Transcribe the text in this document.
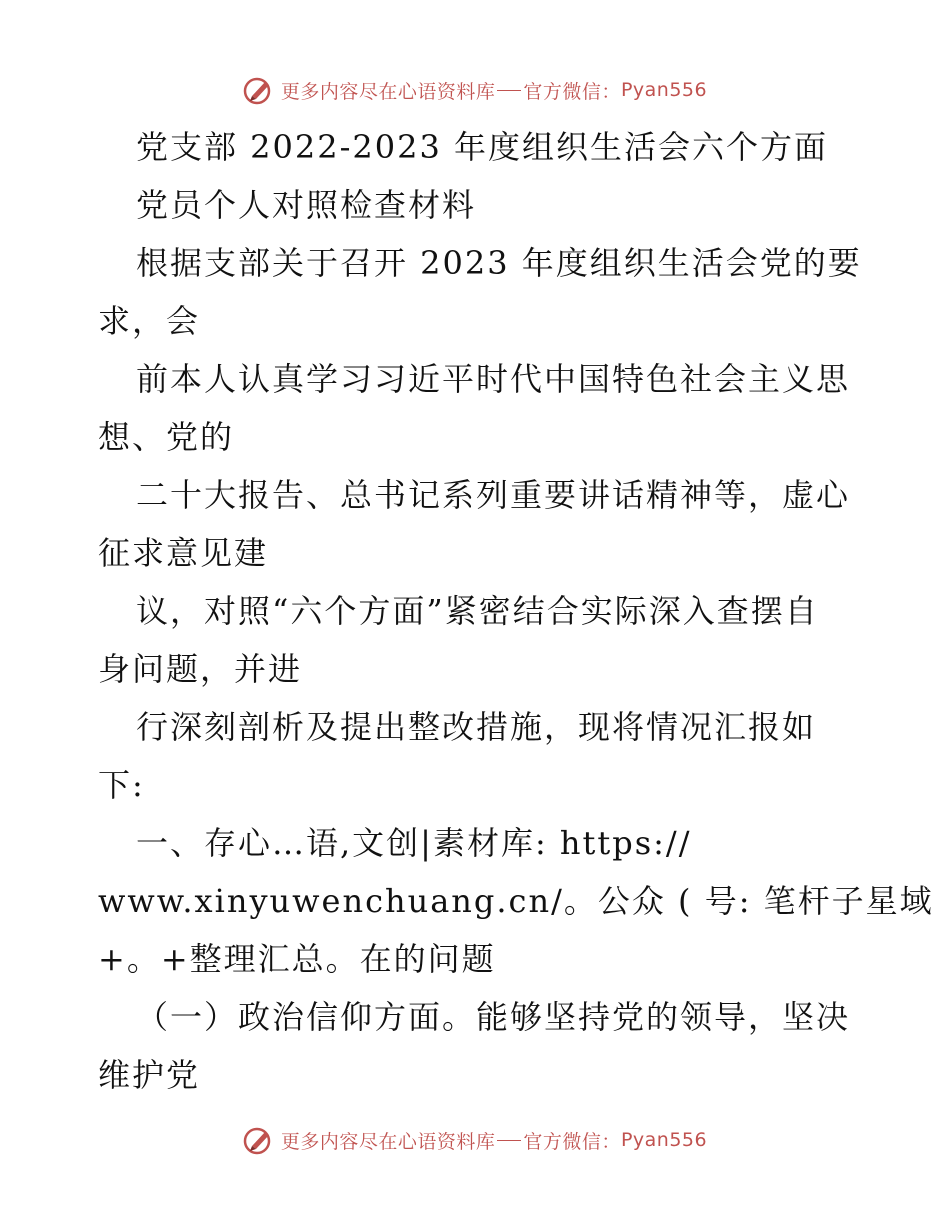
更多内容尽在心语资料库 官方微信： Pyan556
党支部 2022-2023 年度组织生活会六个方面
党员个人对照检查材料
根据支部关于召开 2023 年度组织生活会党的要
求，会
前本人认真学习习近平时代中国特色社会主义思
想、党的
二十大报告、总书记系列重要讲话精神等，虚心
征求意见建
议，对照“六个方面”紧密结合实际深入查摆自
身问题，并进
行深刻剖析及提出整改措施，现将情况汇报如
下:
一、存心…语,文创|素材库: https://
www.xinyuwenchuang.cn/。公众 ( 号: 笔杆子星域
+。+整理汇总。在的问题
（一）政治信仰方面。能够坚持党的领导，坚决
维护党
更多内容尽在心语资料库 官方微信： Pyan556
